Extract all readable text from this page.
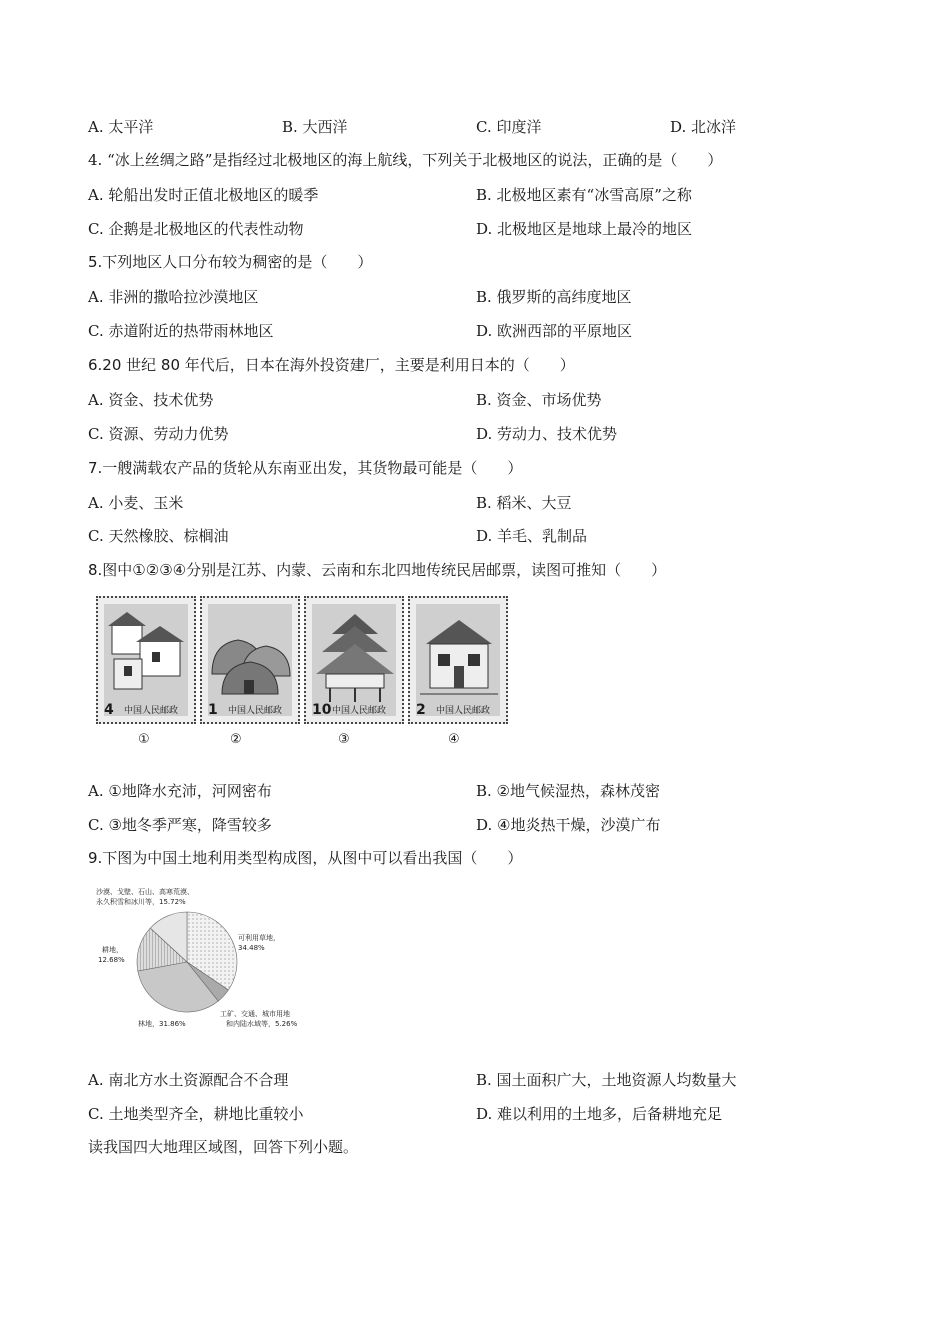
A. 太平洋	B. 大西洋	C. 印度洋	D. 北冰洋
4. “冰上丝绸之路”是指经过北极地区的海上航线，下列关于北极地区的说法，正确的是（　　）
A. 轮船出发时正值北极地区的暖季	B. 北极地区素有“冰雪高原”之称
C. 企鹅是北极地区的代表性动物	D. 北极地区是地球上最冷的地区
5.下列地区人口分布较为稠密的是（　　）
A. 非洲的撒哈拉沙漠地区	B. 俄罗斯的高纬度地区
C. 赤道附近的热带雨林地区	D. 欧洲西部的平原地区
6.20 世纪 80 年代后，日本在海外投资建厂，主要是利用日本的（　　）
A. 资金、技术优势	B. 资金、市场优势
C. 资源、劳动力优势	D. 劳动力、技术优势
7.一艘满载农产品的货轮从东南亚出发，其货物最可能是（　　）
A. 小麦、玉米	B. 稻米、大豆
C. 天然橡胶、棕榈油	D. 羊毛、乳制品
8.图中①②③④分别是江苏、内蒙、云南和东北四地传统民居邮票，读图可推知（　　）
4 中国人民邮政 1 中国人民邮政 10 中国人民邮政 2 中国人民邮政
①	②	③	④
A. ①地降水充沛，河网密布	B. ②地气候湿热，森林茂密
C. ③地冬季严寒，降雪较多	D. ④地炎热干燥，沙漠广布
9.下图为中国土地利用类型构成图，从图中可以看出我国（　　）
沙漠、戈壁、石山、高寒荒漠、
永久积雪和冰川等，15.72%
可利用草地，
34.48%
耕地，
12.68%
工矿、交通、城市用地
和内陆水域等，5.26%
林地，31.86%
A. 南北方水土资源配合不合理	B. 国土面积广大，土地资源人均数量大
C. 土地类型齐全，耕地比重较小	D. 难以利用的土地多，后备耕地充足
读我国四大地理区域图，回答下列小题。
